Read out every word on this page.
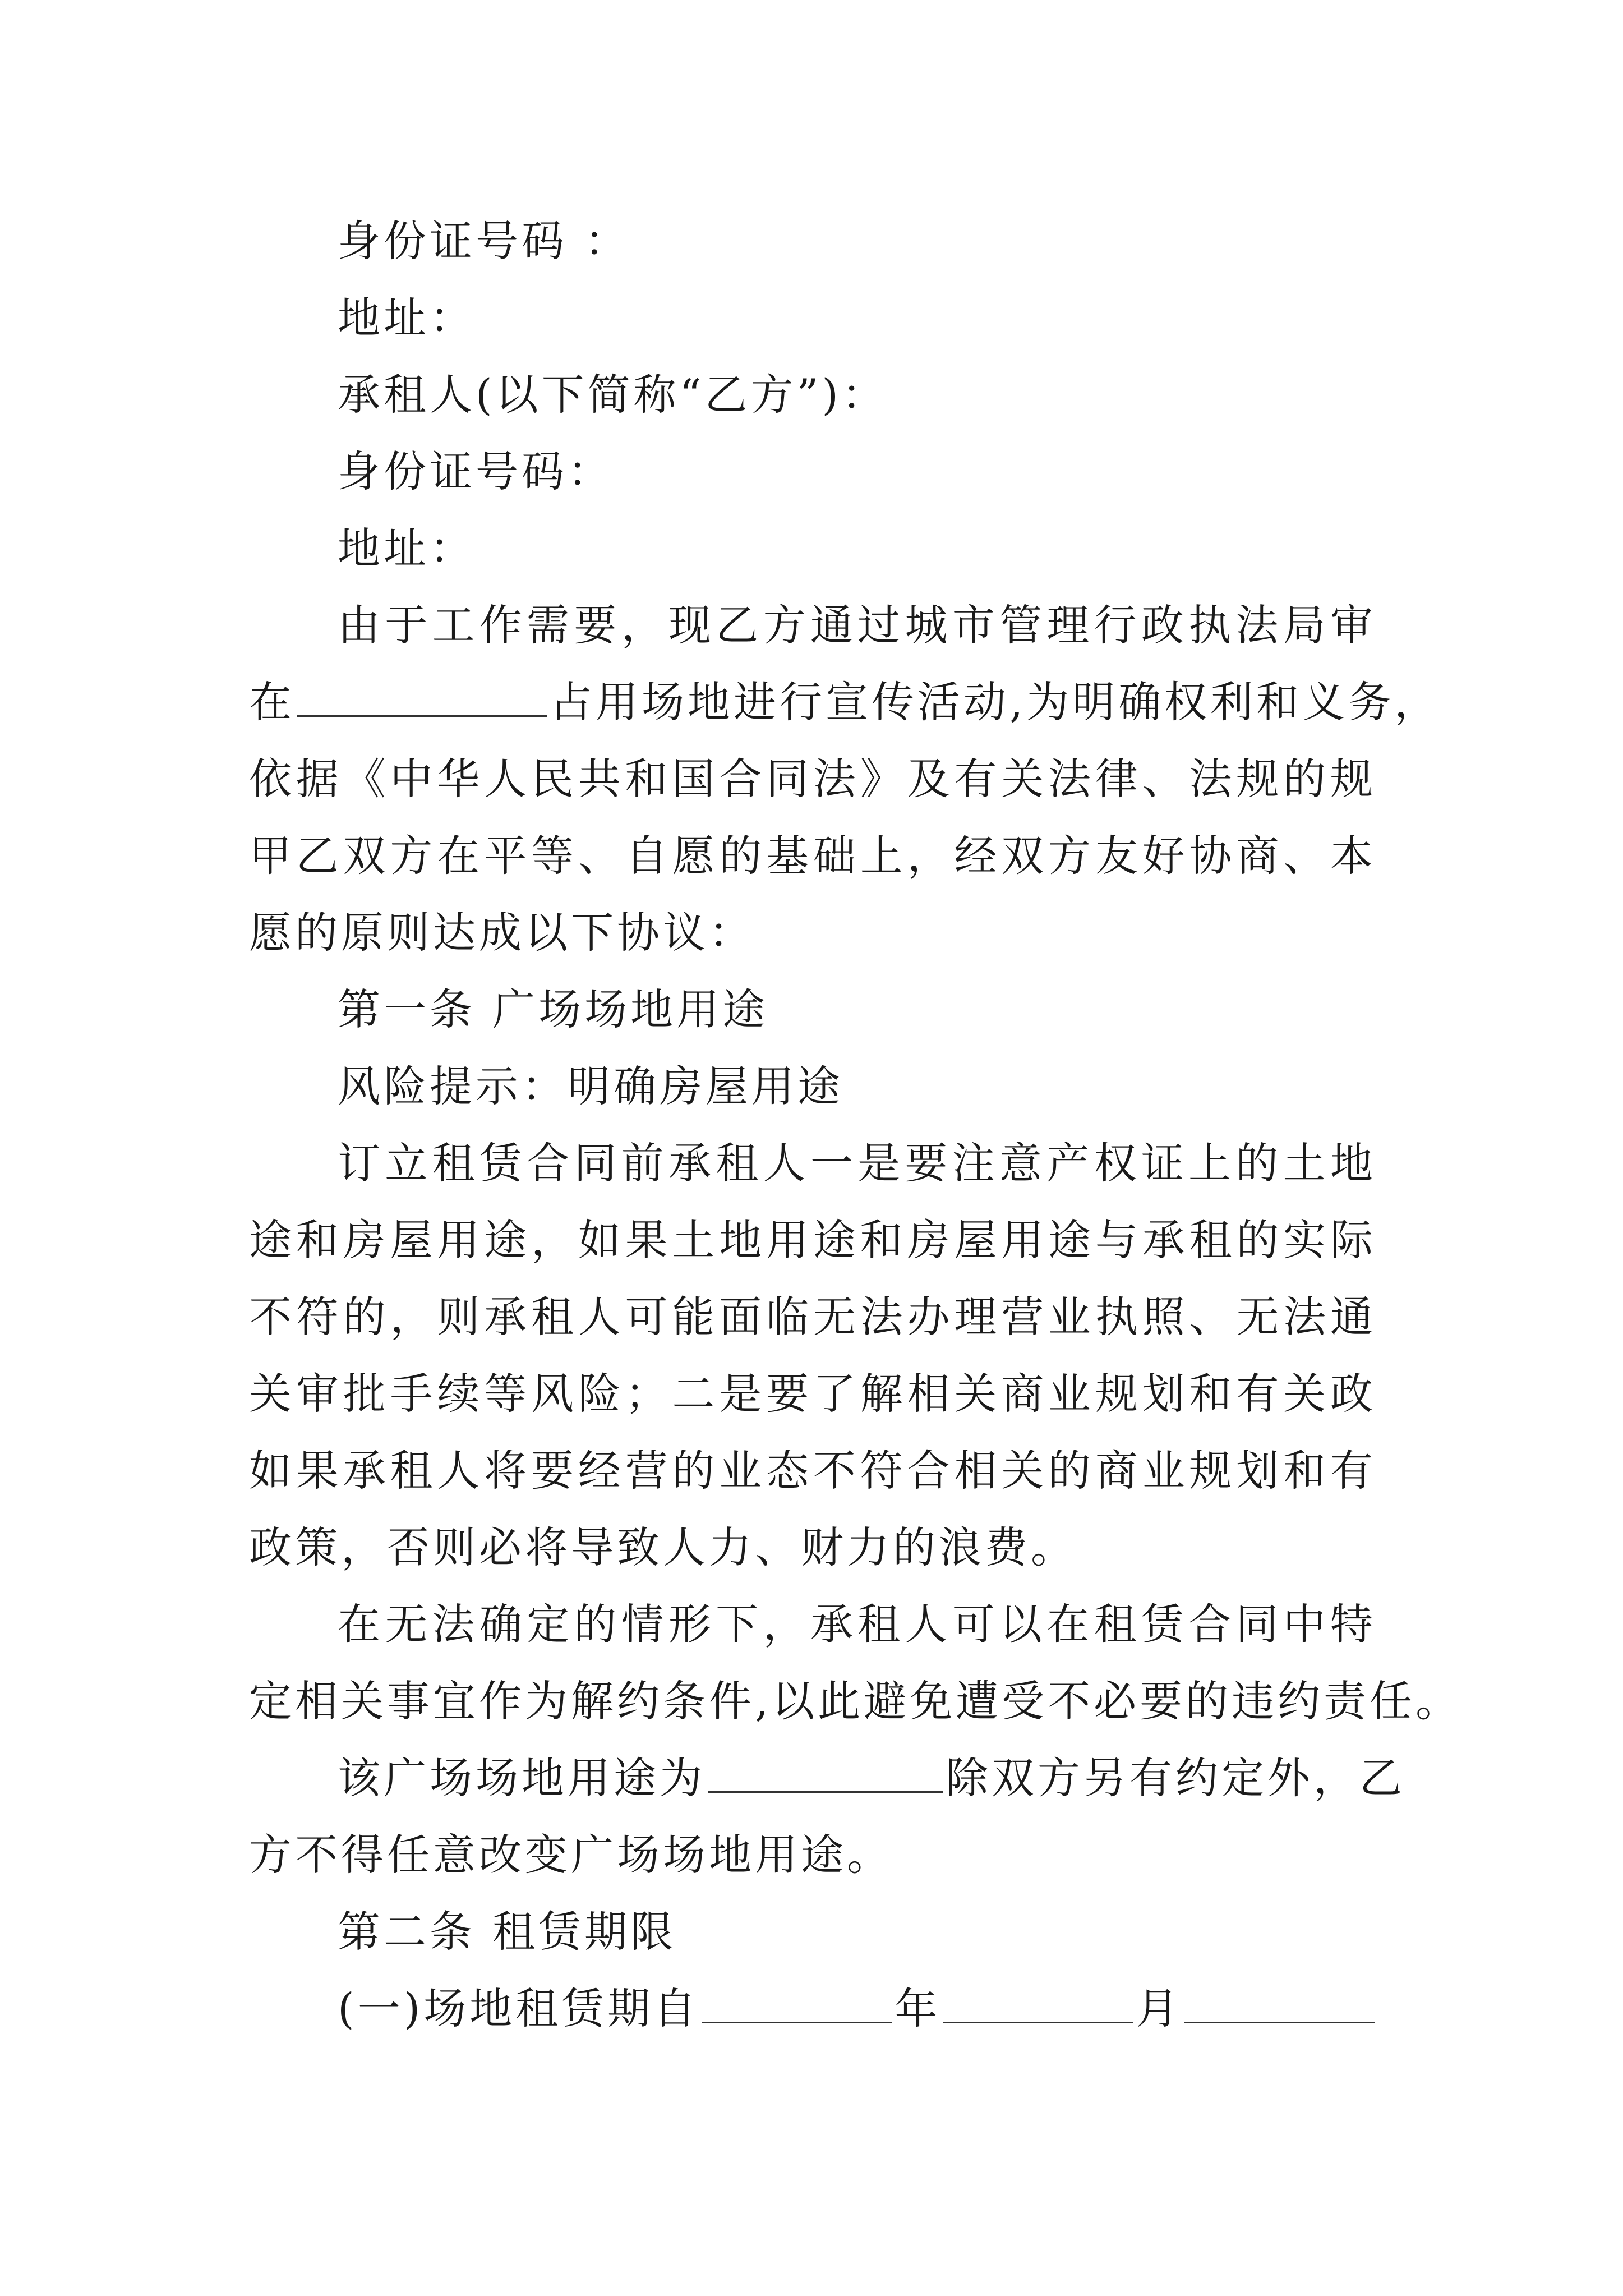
身份证号码 ：
地址：
承租人(以下简称“乙方”)：
身份证号码：
地址：
由于工作需要，现乙方通过城市管理行政执法局审
在	占用场地进行宣传活动,为明确权利和义务，
依据《中华人民共和国合同法》及有关法律、法规的规
甲乙双方在平等、自愿的基础上，经双方友好协商、本
愿的原则达成以下协议：
第一条 广场场地用途
风险提示：明确房屋用途
订立租赁合同前承租人一是要注意产权证上的土地
途和房屋用途，如果土地用途和房屋用途与承租的实际
不符的，则承租人可能面临无法办理营业执照、无法通
关审批手续等风险；二是要了解相关商业规划和有关政
如果承租人将要经营的业态不符合相关的商业规划和有
政策，否则必将导致人力、财力的浪费。
在无法确定的情形下，承租人可以在租赁合同中特
定相关事宜作为解约条件,以此避免遭受不必要的违约责任。
该广场场地用途为	除双方另有约定外，乙
方不得任意改变广场场地用途。
第二条 租赁期限
(一)场地租赁期自	年	月
